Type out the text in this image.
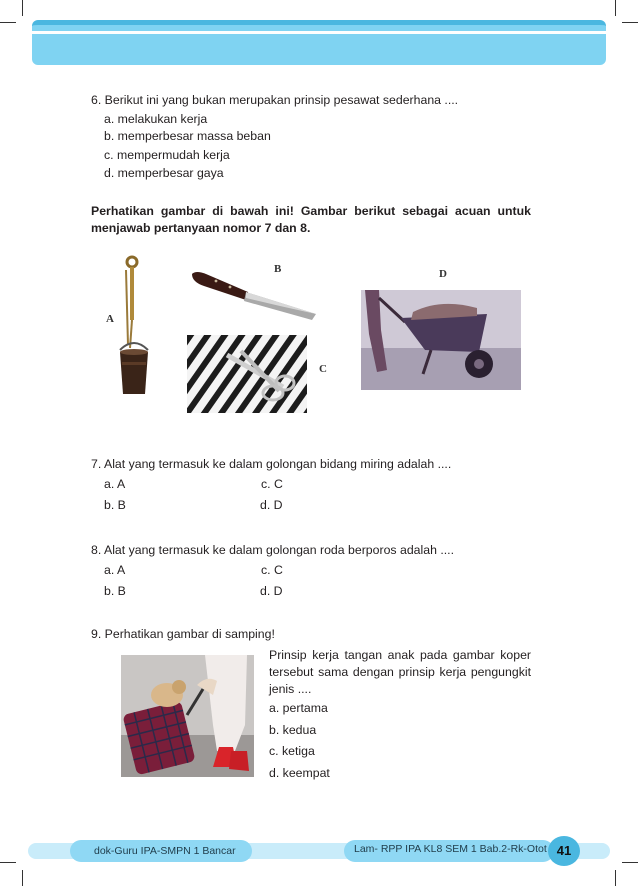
6. Berikut ini yang bukan merupakan prinsip pesawat sederhana ....
a. melakukan kerja
b. memperbesar massa beban
c. mempermudah kerja
d. memperbesar gaya
Perhatikan gambar di bawah ini! Gambar berikut sebagai acuan untuk menjawab pertanyaan nomor 7 dan 8.
A
B
C
D
7. Alat yang termasuk ke dalam golongan bidang miring adalah ....
a. A	c. C
b. B	d. D
8. Alat yang termasuk ke dalam golongan roda berporos adalah ....
a. A	c. C
b. B	d. D
9. Perhatikan gambar di samping!
Prinsip kerja tangan anak pada gambar koper tersebut sama dengan prinsip kerja pengungkit jenis ....
a. pertama
b. kedua
c. ketiga
d. keempat
dok-Guru IPA-SMPN 1 Bancar	Lam- RPP IPA KL8 SEM 1 Bab.2-Rk-Otot 41
